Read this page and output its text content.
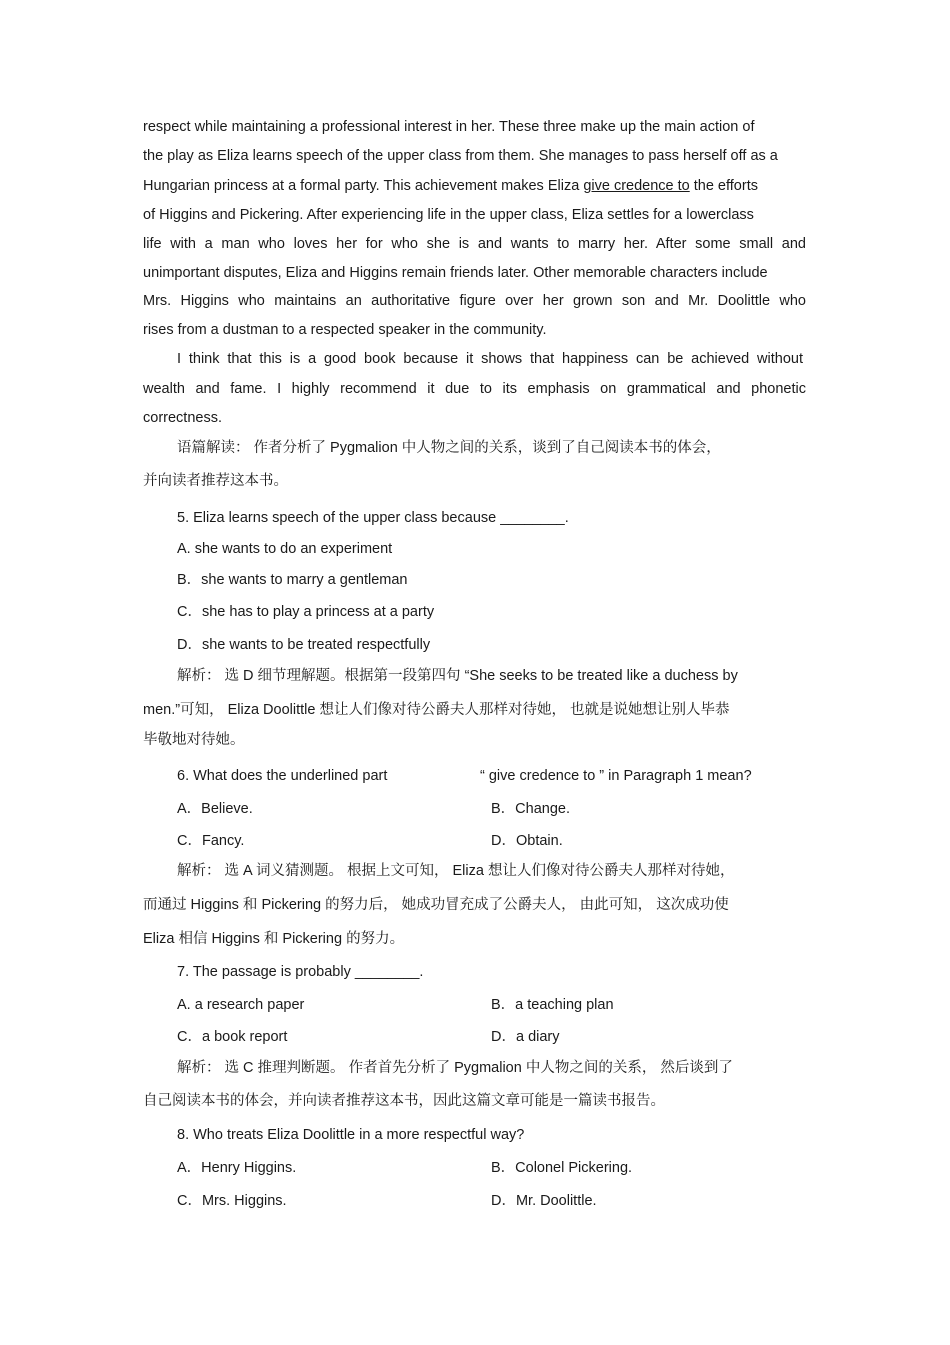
respect while maintaining a professional interest in her. These three make up the main action of
the play as Eliza learns speech of the upper class from them. She manages to pass herself off as a
Hungarian princess at a formal party. This achievement makes Eliza give credence to the efforts
of Higgins and Pickering. After experiencing life in the upper class, Eliza settles for a lowerclass
life with a man who loves her for who she is and wants to marry her. After some small and
unimportant disputes, Eliza and Higgins remain friends later. Other memorable characters include
Mrs. Higgins who maintains an authoritative figure over her grown son and Mr. Doolittle who
rises from a dustman to a respected speaker in the community.
I think that this is a good book because it shows that happiness can be achieved without
wealth and fame. I highly recommend it due to its emphasis on grammatical and phonetic
correctness.
语篇解读： 作者分析了 Pygmalion 中人物之间的关系，谈到了自己阅读本书的体会，
并向读者推荐这本书。
5. Eliza learns speech of the upper class because ________.
A. she wants to do an experiment
B．she wants to marry a gentleman
C．she has to play a princess at a party
D．she wants to be treated respectfully
解析： 选 D 细节理解题。根据第一段第四句 “She seeks to be treated like a duchess by
men.”可知， Eliza Doolittle 想让人们像对待公爵夫人那样对待她， 也就是说她想让别人毕恭
毕敬地对待她。
6. What does the underlined part	“ give credence to ” in Paragraph 1 mean?
A．Believe.	B．Change.
C．Fancy.	D．Obtain.
解析： 选 A 词义猜测题。 根据上文可知， Eliza 想让人们像对待公爵夫人那样对待她，
而通过 Higgins 和 Pickering 的努力后， 她成功冒充成了公爵夫人， 由此可知， 这次成功使
Eliza 相信 Higgins 和 Pickering 的努力。
7. The passage is probably ________.
A. a research paper	B．a teaching plan
C．a book report	D．a diary
解析： 选 C 推理判断题。 作者首先分析了 Pygmalion 中人物之间的关系， 然后谈到了
自己阅读本书的体会，并向读者推荐这本书，因此这篇文章可能是一篇读书报告。
8. Who treats Eliza Doolittle in a more respectful way?
A．Henry Higgins.	B．Colonel Pickering.
C．Mrs. Higgins.	D．Mr. Doolittle.
